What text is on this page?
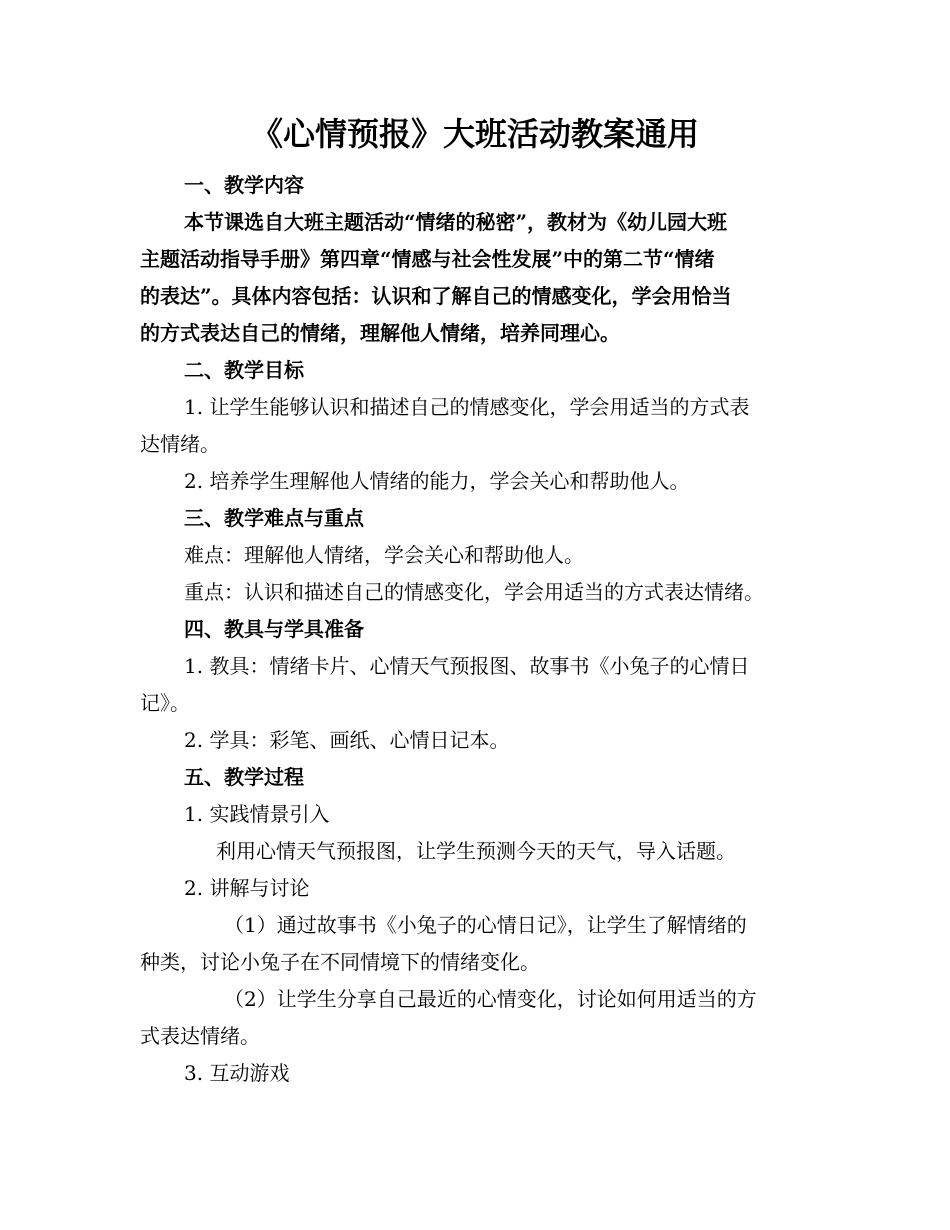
《心情预报》大班活动教案通用

一、教学内容

本节课选自大班主题活动“情绪的秘密”，教材为《幼儿园大班

主题活动指导手册》第四章“情感与社会性发展”中的第二节“情绪

的表达”。具体内容包括：认识和了解自己的情感变化，学会用恰当

的方式表达自己的情绪，理解他人情绪，培养同理心。

二、教学目标

1. 让学生能够认识和描述自己的情感变化，学会用适当的方式表

达情绪。

2. 培养学生理解他人情绪的能力，学会关心和帮助他人。

三、教学难点与重点

难点：理解他人情绪，学会关心和帮助他人。

重点：认识和描述自己的情感变化，学会用适当的方式表达情绪。

四、教具与学具准备

1. 教具：情绪卡片、心情天气预报图、故事书《小兔子的心情日

记》。

2. 学具：彩笔、画纸、心情日记本。

五、教学过程

1. 实践情景引入

利用心情天气预报图，让学生预测今天的天气，导入话题。

2. 讲解与讨论

（1）通过故事书《小兔子的心情日记》，让学生了解情绪的

种类，讨论小兔子在不同情境下的情绪变化。

（2）让学生分享自己最近的心情变化，讨论如何用适当的方

式表达情绪。

3. 互动游戏
